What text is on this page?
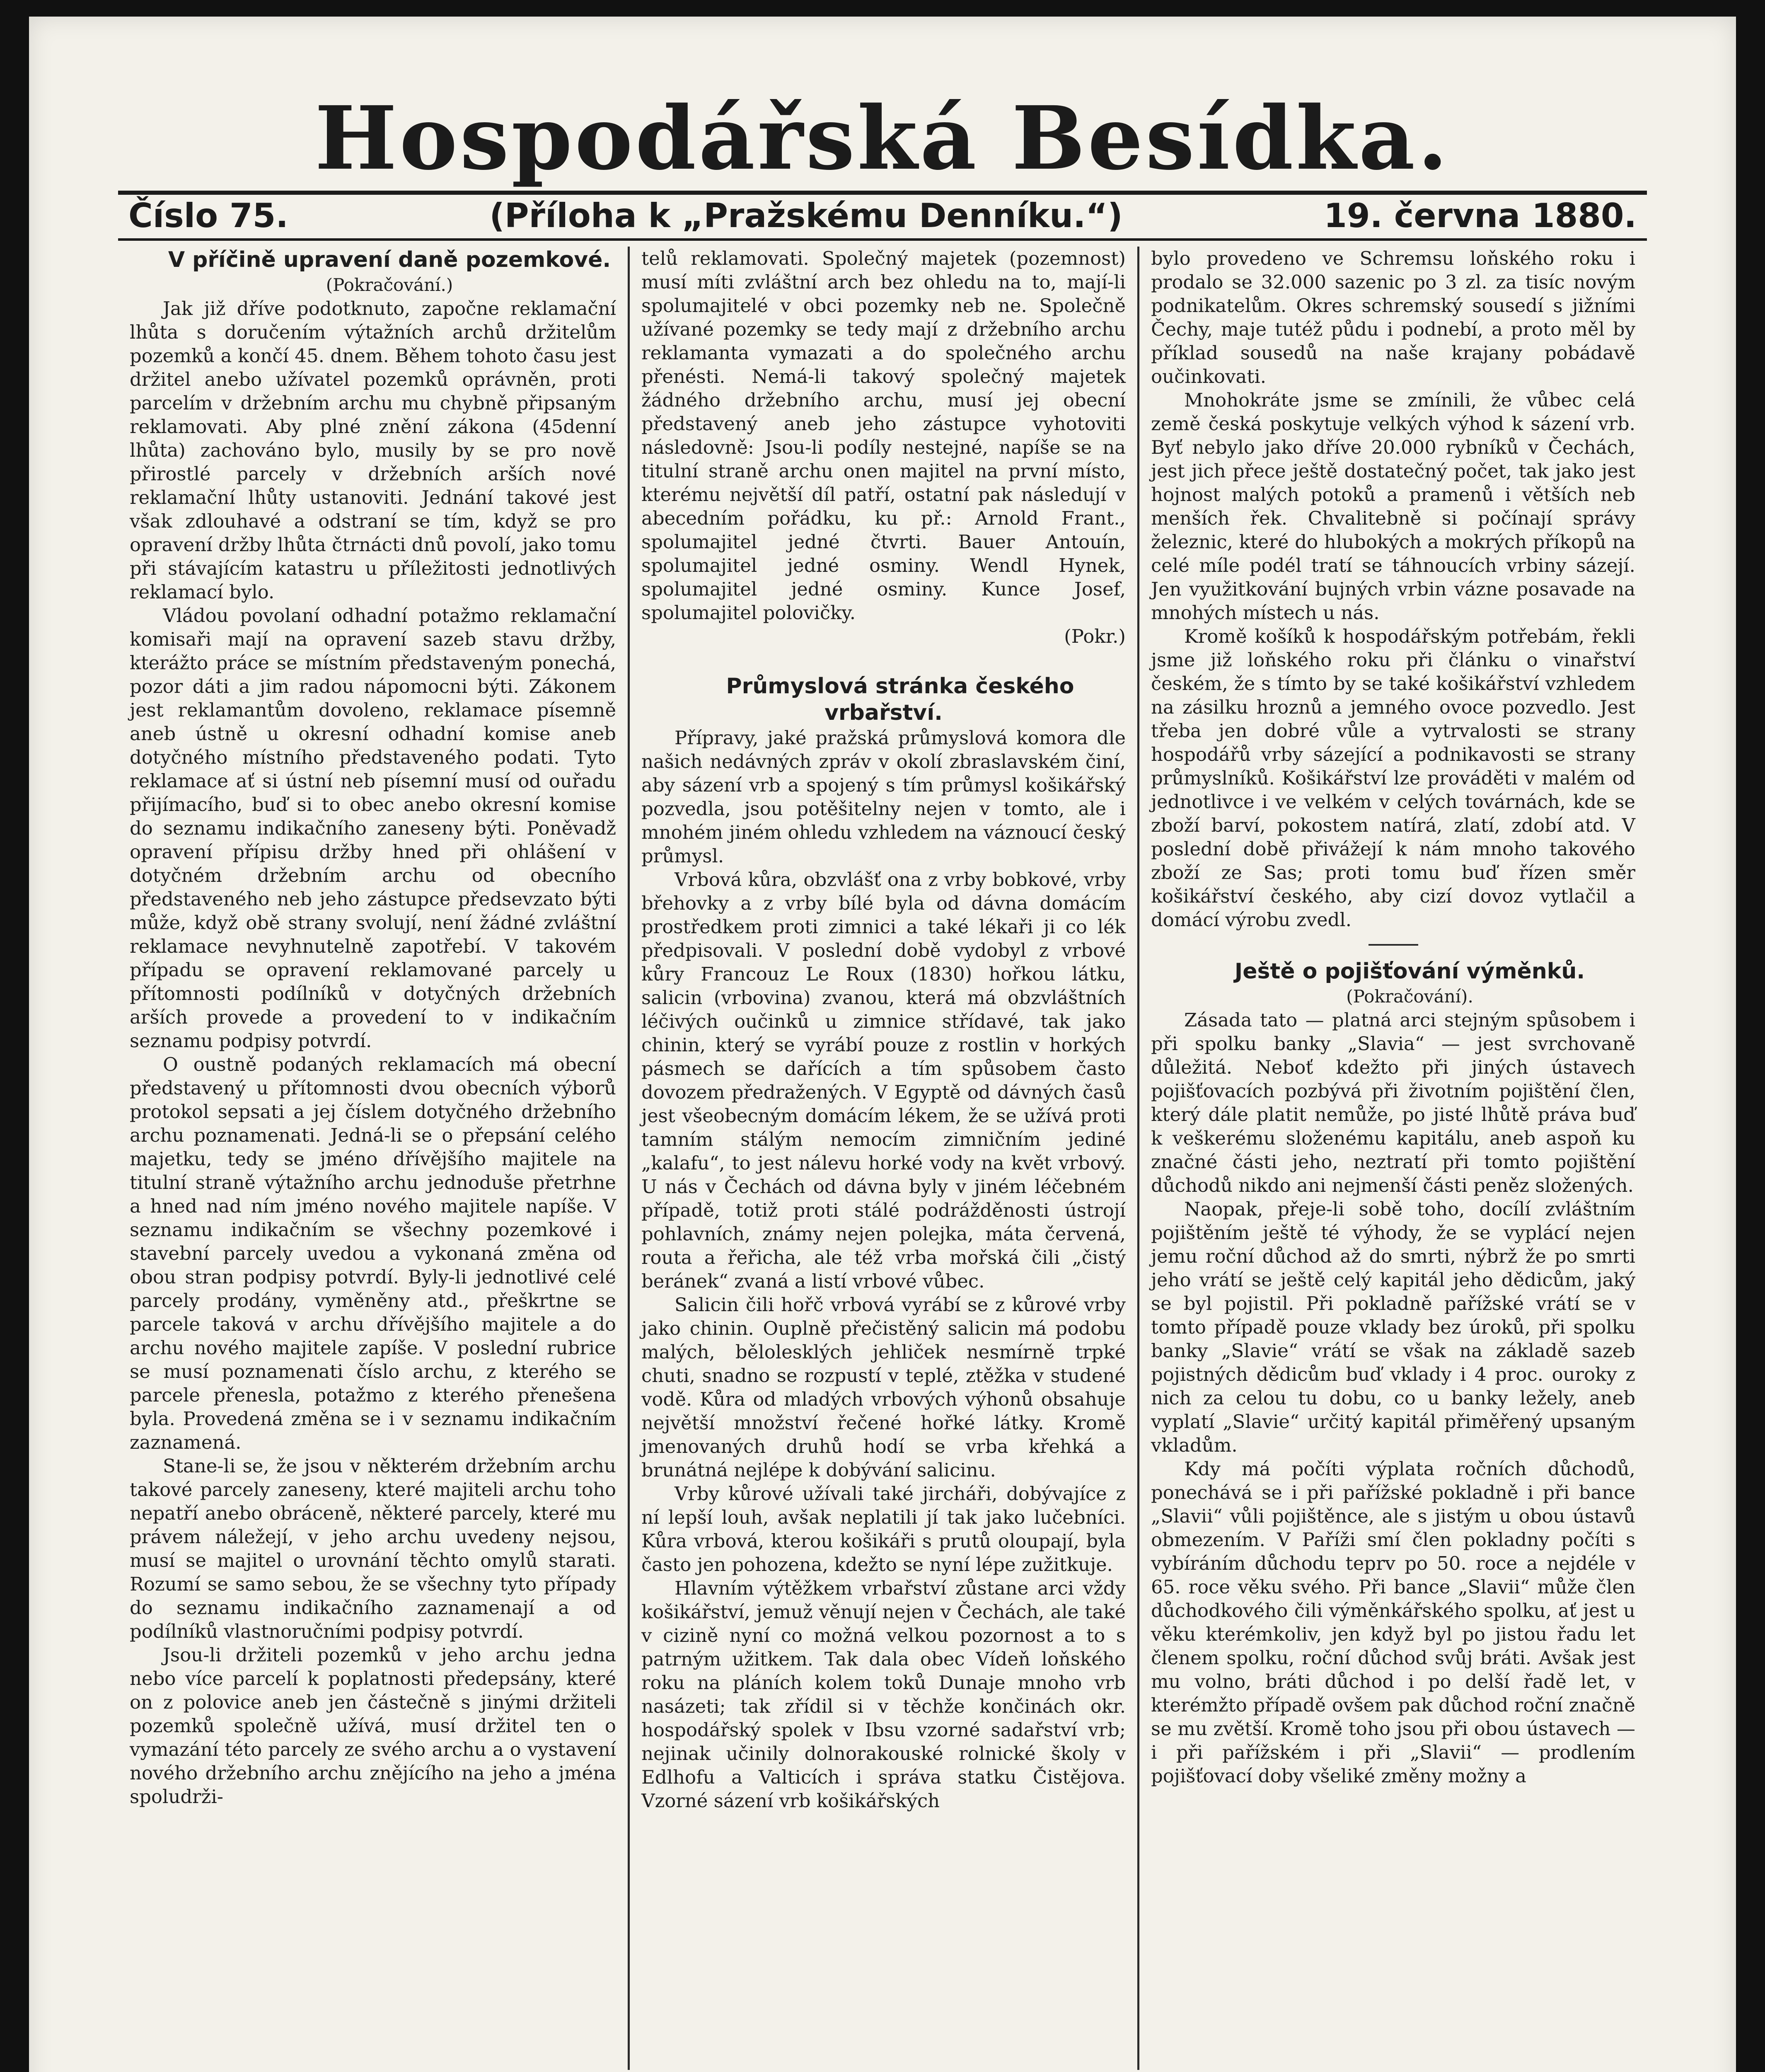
Hospodářská Besídka.
Číslo 75.	(Příloha k „Pražskému Denníku.“)	19. června 1880.

V příčině upravení daně pozemkové.

(Pokračování.)

Jak již dříve podotknuto, započne reklamační lhůta s doručením výtažních archů držitelům pozemků a končí 45. dnem. Během tohoto času jest držitel anebo užívatel pozemků oprávněn, proti parcelím v držebním archu mu chybně připsaným reklamovati. Aby plné znění zákona (45denní lhůta) zachováno bylo, musily by se pro nově přirostlé parcely v držebních arších nové reklamační lhůty ustanoviti. Jednání takové jest však zdlouhavé a odstraní se tím, když se pro opravení držby lhůta čtrnácti dnů povolí, jako tomu při stávajícím katastru u příležitosti jednotlivých reklamací bylo.

Vládou povolaní odhadní potažmo reklamační komisaři mají na opravení sazeb stavu držby, kterážto práce se místním představeným ponechá, pozor dáti a jim radou nápomocni býti. Zákonem jest reklamantům dovoleno, reklamace písemně aneb ústně u okresní odhadní komise aneb dotyčného místního představeného podati. Tyto reklamace ať si ústní neb písemní musí od ouřadu přijímacího, buď si to obec anebo okresní komise do seznamu indikačního zaneseny býti. Poněvadž opravení přípisu držby hned při ohlášení v dotyčném držebním archu od obecního představeného neb jeho zástupce předsevzato býti může, když obě strany svolují, není žádné zvláštní reklamace nevyhnutelně zapotřebí. V takovém případu se opravení reklamované parcely u přítomnosti podílníků v dotyčných držebních arších provede a provedení to v indikačním seznamu podpisy potvrdí.

O oustně podaných reklamacích má obecní představený u přítomnosti dvou obecních výborů protokol sepsati a jej číslem dotyčného držebního archu poznamenati. Jedná-li se o přepsání celého majetku, tedy se jméno dřívějšího majitele na titulní straně výtažního archu jednoduše přetrhne a hned nad ním jméno nového majitele napíše. V seznamu indikačním se všechny pozemkové i stavební parcely uvedou a vykonaná změna od obou stran podpisy potvrdí. Byly-li jednotlivé celé parcely prodány, vyměněny atd., přeškrtne se parcele taková v archu dřívějšího majitele a do archu nového majitele zapíše. V poslední rubrice se musí poznamenati číslo archu, z kterého se parcele přenesla, potažmo z kterého přenešena byla. Provedená změna se i v seznamu indikačním zaznamená.

Stane-li se, že jsou v některém držebním archu takové parcely zaneseny, které majiteli archu toho nepatří anebo obráceně, některé parcely, které mu právem náležejí, v jeho archu uvedeny nejsou, musí se majitel o urovnání těchto omylů starati. Rozumí se samo sebou, že se všechny tyto případy do seznamu indikačního zaznamenají a od podílníků vlastnoručními podpisy potvrdí.

Jsou-li držiteli pozemků v jeho archu jedna nebo více parcelí k poplatnosti předepsány, které on z polovice aneb jen částečně s jinými držiteli pozemků společně užívá, musí držitel ten o vymazání této parcely ze svého archu a o vystavení nového držebního archu znějícího na jeho a jména spoludrži-

telů reklamovati. Společný majetek (pozemnost) musí míti zvláštní arch bez ohledu na to, mají-li spolumajitelé v obci pozemky neb ne. Společně užívané pozemky se tedy mají z držebního archu reklamanta vymazati a do společného archu přenésti. Nemá-li takový společný majetek žádného držebního archu, musí jej obecní představený aneb jeho zástupce vyhotoviti následovně: Jsou-li podíly nestejné, napíše se na titulní straně archu onen majitel na první místo, kterému největší díl patří, ostatní pak následují v abecedním pořádku, ku př.: Arnold Frant., spolumajitel jedné čtvrti. Bauer Antouín, spolumajitel jedné osminy. Wendl Hynek, spolumajitel jedné osminy. Kunce Josef, spolumajitel polovičky.

(Pokr.)

Průmyslová stránka českého vrbařství.

Přípravy, jaké pražská průmyslová komora dle našich nedávných zpráv v okolí zbraslavském činí, aby sázení vrb a spojený s tím průmysl košikářský pozvedla, jsou potěšitelny nejen v tomto, ale i mnohém jiném ohledu vzhledem na váznoucí český průmysl.

Vrbová kůra, obzvlášť ona z vrby bobkové, vrby břehovky a z vrby bílé byla od dávna domácím prostředkem proti zimnici a také lékaři ji co lék předpisovali. V poslední době vydobyl z vrbové kůry Francouz Le Roux (1830) hořkou látku, salicin (vrbovina) zvanou, která má obzvláštních léčivých oučinků u zimnice střídavé, tak jako chinin, který se vyrábí pouze z rostlin v horkých pásmech se dařících a tím spůsobem často dovozem předražených. V Egyptě od dávných časů jest všeobecným domácím lékem, že se užívá proti tamním stálým nemocím zimničním jediné „kalafu“, to jest nálevu horké vody na květ vrbový. U nás v Čechách od dávna byly v jiném léčebném případě, totiž proti stálé podrážděnosti ústrojí pohlavních, známy nejen polejka, máta červená, routa a řeřicha, ale též vrba mořská čili „čistý beránek“ zvaná a listí vrbové vůbec.

Salicin čili hořč vrbová vyrábí se z kůrové vrby jako chinin. Ouplně přečistěný salicin má podobu malých, bělolesklých jehliček nesmírně trpké chuti, snadno se rozpustí v teplé, ztěžka v studené vodě. Kůra od mladých vrbových výhonů obsahuje největší množství řečené hořké látky. Kromě jmenovaných druhů hodí se vrba křehká a brunátná nejlépe k dobývání salicinu.

Vrby kůrové užívali také jircháři, dobývajíce z ní lepší louh, avšak neplatili jí tak jako lučebníci. Kůra vrbová, kterou košikáři s prutů oloupají, byla často jen pohozena, kdežto se nyní lépe zužitkuje.

Hlavním výtěžkem vrbařství zůstane arci vždy košikářství, jemuž věnují nejen v Čechách, ale také v cizině nyní co možná velkou pozornost a to s patrným užitkem. Tak dala obec Vídeň loňského roku na pláních kolem toků Dunaje mnoho vrb nasázeti; tak zřídil si v těchže končinách okr. hospodářský spolek v Ibsu vzorné sadařství vrb; nejinak učinily dolnorakouské rolnické školy v Edlhofu a Valticích i správa statku Čistějova. Vzorné sázení vrb košikářských

bylo provedeno ve Schremsu loňského roku i prodalo se 32.000 sazenic po 3 zl. za tisíc novým podnikatelům. Okres schremský sousedí s jižními Čechy, maje tutéž půdu i podnebí, a proto měl by příklad sousedů na naše krajany pobádavě oučinkovati.

Mnohokráte jsme se zmínili, že vůbec celá země česká poskytuje velkých výhod k sázení vrb. Byť nebylo jako dříve 20.000 rybníků v Čechách, jest jich přece ještě dostatečný počet, tak jako jest hojnost malých potoků a pramenů i větších neb menších řek. Chvalitebně si počínají správy železnic, které do hlubokých a mokrých příkopů na celé míle podél tratí se táhnoucích vrbiny sázejí. Jen využitkování bujných vrbin vázne posavade na mnohých místech u nás.

Kromě košíků k hospodářským potřebám, řekli jsme již loňského roku při článku o vinařství českém, že s tímto by se také košikářství vzhledem na zásilku hroznů a jemného ovoce pozvedlo. Jest třeba jen dobré vůle a vytrvalosti se strany hospodářů vrby sázející a podnikavosti se strany průmyslníků. Košikářství lze prováděti v malém od jednotlivce i ve velkém v celých továrnách, kde se zboží barví, pokostem natírá, zlatí, zdobí atd. V poslední době přivážejí k nám mnoho takového zboží ze Sas; proti tomu buď řízen směr košikářství českého, aby cizí dovoz vytlačil a domácí výrobu zvedl.

Ještě o pojišťování výměnků.

(Pokračování).

Zásada tato — platná arci stejným spůsobem i při spolku banky „Slavia“ — jest svrchovaně důležitá. Neboť kdežto při jiných ústavech pojišťovacích pozbývá při životním pojištění člen, který dále platit nemůže, po jisté lhůtě práva buď k veškerému složenému kapitálu, aneb aspoň ku značné části jeho, neztratí při tomto pojištění důchodů nikdo ani nejmenší části peněz složených.

Naopak, přeje-li sobě toho, docílí zvláštním pojištěním ještě té výhody, že se vyplácí nejen jemu roční důchod až do smrti, nýbrž že po smrti jeho vrátí se ještě celý kapitál jeho dědicům, jaký se byl pojistil. Při pokladně pařížské vrátí se v tomto případě pouze vklady bez úroků, při spolku banky „Slavie“ vrátí se však na základě sazeb pojistných dědicům buď vklady i 4 proc. ouroky z nich za celou tu dobu, co u banky ležely, aneb vyplatí „Slavie“ určitý kapitál přiměřený upsaným vkladům.

Kdy má počíti výplata ročních důchodů, ponechává se i při pařížské pokladně i při bance „Slavii“ vůli pojištěnce, ale s jistým u obou ústavů obmezením. V Paříži smí člen pokladny počíti s vybíráním důchodu teprv po 50. roce a nejdéle v 65. roce věku svého. Při bance „Slavii“ může člen důchodkového čili výměnkářského spolku, ať jest u věku kterémkoliv, jen když byl po jistou řadu let členem spolku, roční důchod svůj bráti. Avšak jest mu volno, bráti důchod i po delší řadě let, v kterémžto případě ovšem pak důchod roční značně se mu zvětší. Kromě toho jsou při obou ústavech — i při pařížském i při „Slavii“ — prodlením pojišťovací doby všeliké změny možny a
